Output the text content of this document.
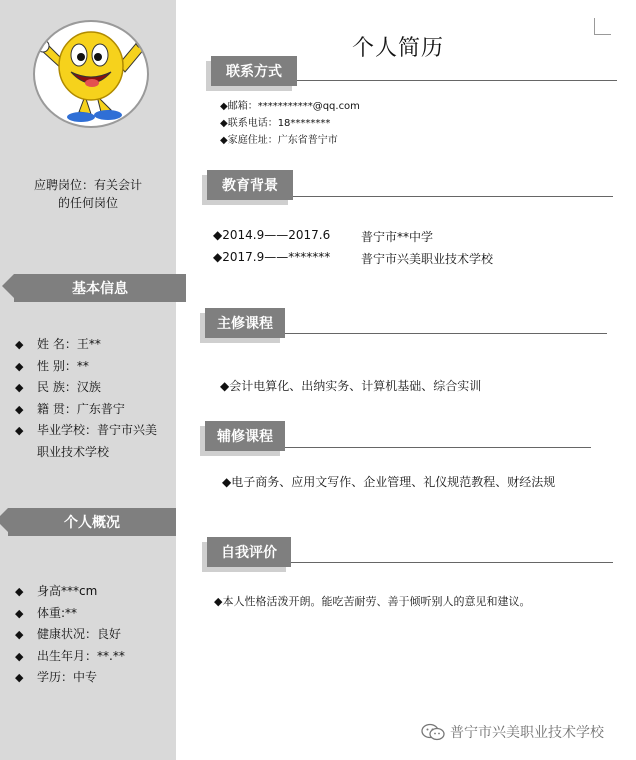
应聘岗位：有关会计
的任何岗位
基本信息
◆ 姓 名：王**
◆ 性 别：**
◆ 民 族：汉族
◆ 籍 贯：广东普宁
◆ 毕业学校：普宁市兴美
职业技术学校
个人概况
◆ 身高***cm
◆ 体重:**
◆ 健康状况：良好
◆ 出生年月：**.**
◆ 学历：中专
个人简历
联系方式
◆邮箱：***********@qq.com
◆联系电话：18********
◆家庭住址：广东省普宁市
教育背景
◆2014.9——2017.6	普宁市**中学
◆2017.9——*******	普宁市兴美职业技术学校
主修课程
◆会计电算化、出纳实务、计算机基础、综合实训
辅修课程
◆电子商务、应用文写作、企业管理、礼仪规范教程、财经法规
自我评价
◆本人性格活泼开朗。能吃苦耐劳、善于倾听别人的意见和建议。
普宁市兴美职业技术学校
